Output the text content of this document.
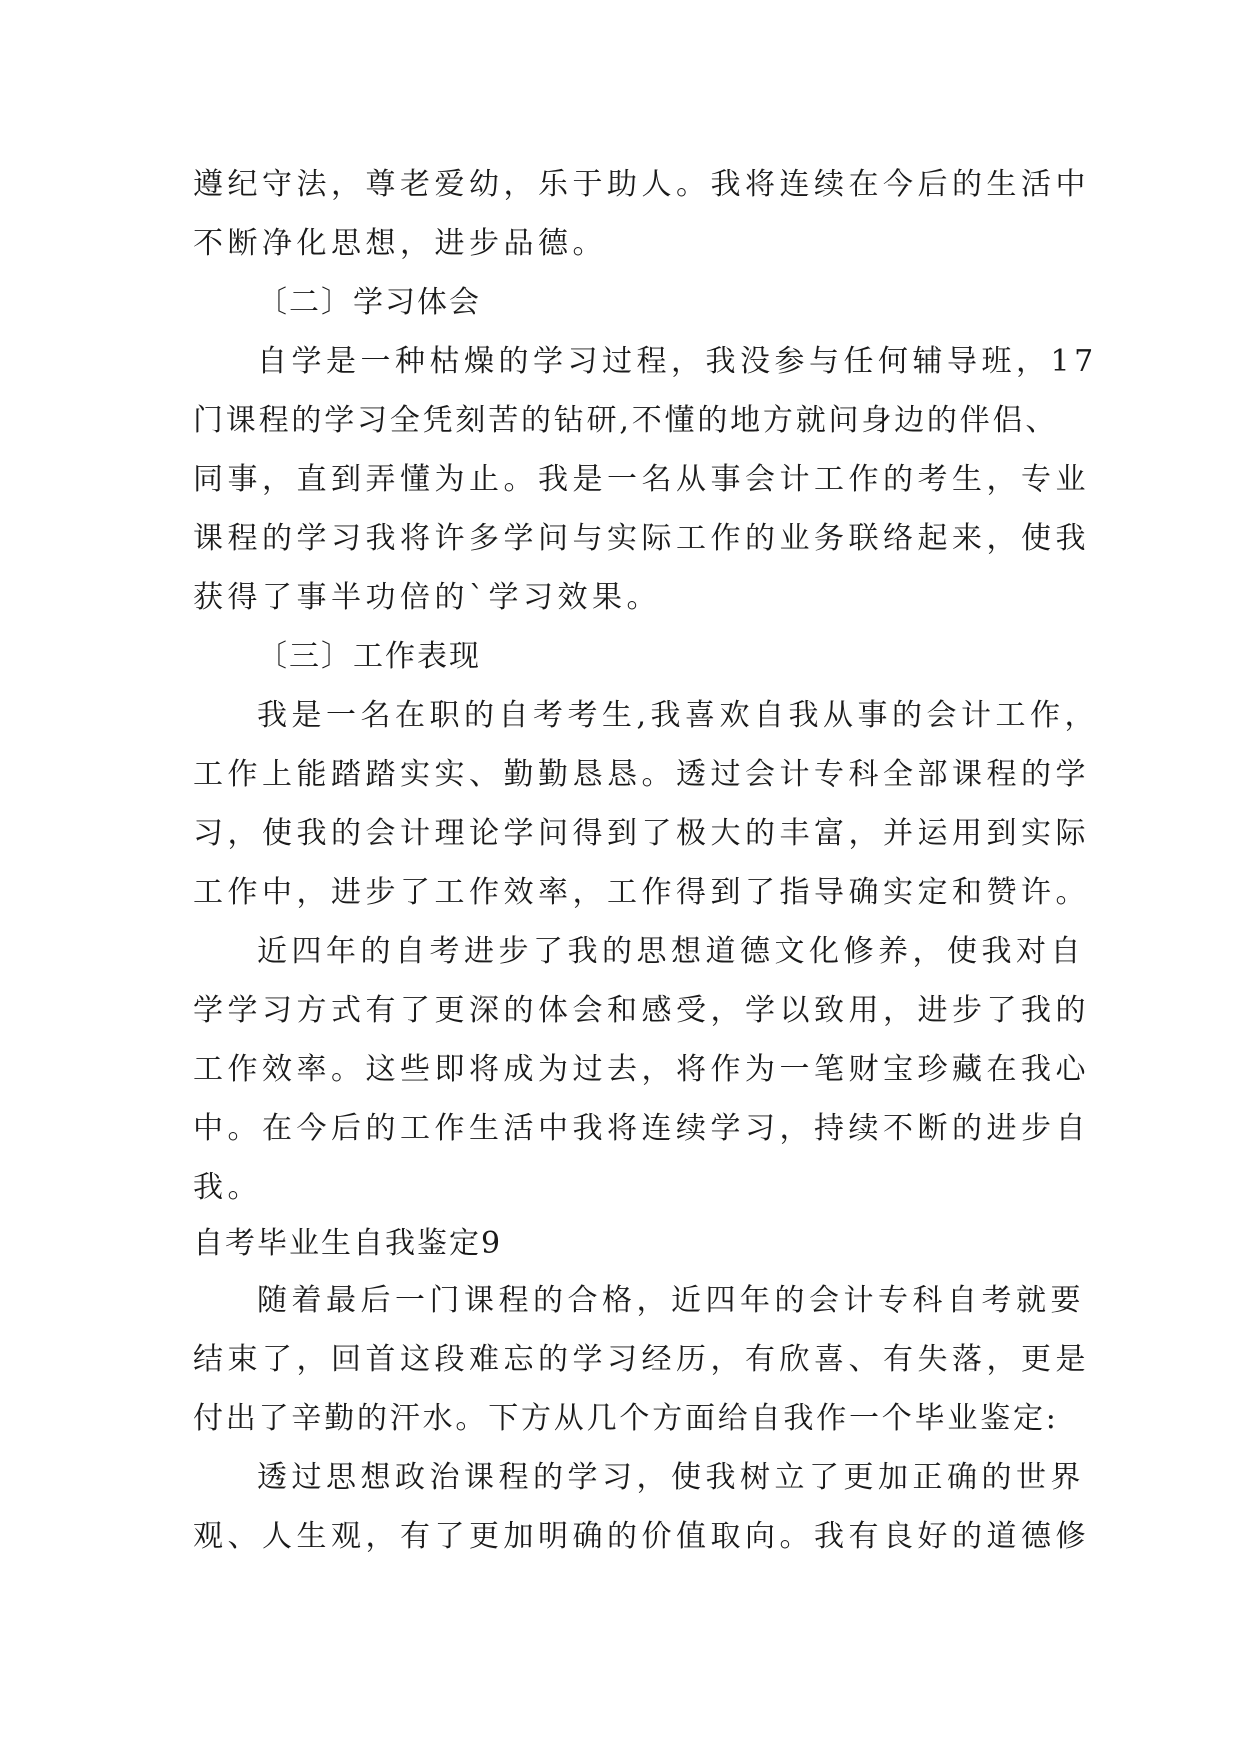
遵纪守法，尊老爱幼，乐于助人。我将连续在今后的生活中
不断净化思想，进步品德。
〔二〕学习体会
自学是一种枯燥的学习过程，我没参与任何辅导班，17
门课程的学习全凭刻苦的钻研,不懂的地方就问身边的伴侣、
同事，直到弄懂为止。我是一名从事会计工作的考生，专业
课程的学习我将许多学问与实际工作的业务联络起来，使我
获得了事半功倍的`学习效果。
〔三〕工作表现
我是一名在职的自考考生,我喜欢自我从事的会计工作，
工作上能踏踏实实、勤勤恳恳。透过会计专科全部课程的学
习，使我的会计理论学问得到了极大的丰富，并运用到实际
工作中，进步了工作效率，工作得到了指导确实定和赞许。
近四年的自考进步了我的思想道德文化修养，使我对自
学学习方式有了更深的体会和感受，学以致用，进步了我的
工作效率。这些即将成为过去，将作为一笔财宝珍藏在我心
中。在今后的工作生活中我将连续学习，持续不断的进步自
我。
自考毕业生自我鉴定9
随着最后一门课程的合格，近四年的会计专科自考就要
结束了，回首这段难忘的学习经历，有欣喜、有失落，更是
付出了辛勤的汗水。下方从几个方面给自我作一个毕业鉴定:
透过思想政治课程的学习，使我树立了更加正确的世界
观、人生观，有了更加明确的价值取向。我有良好的道德修
